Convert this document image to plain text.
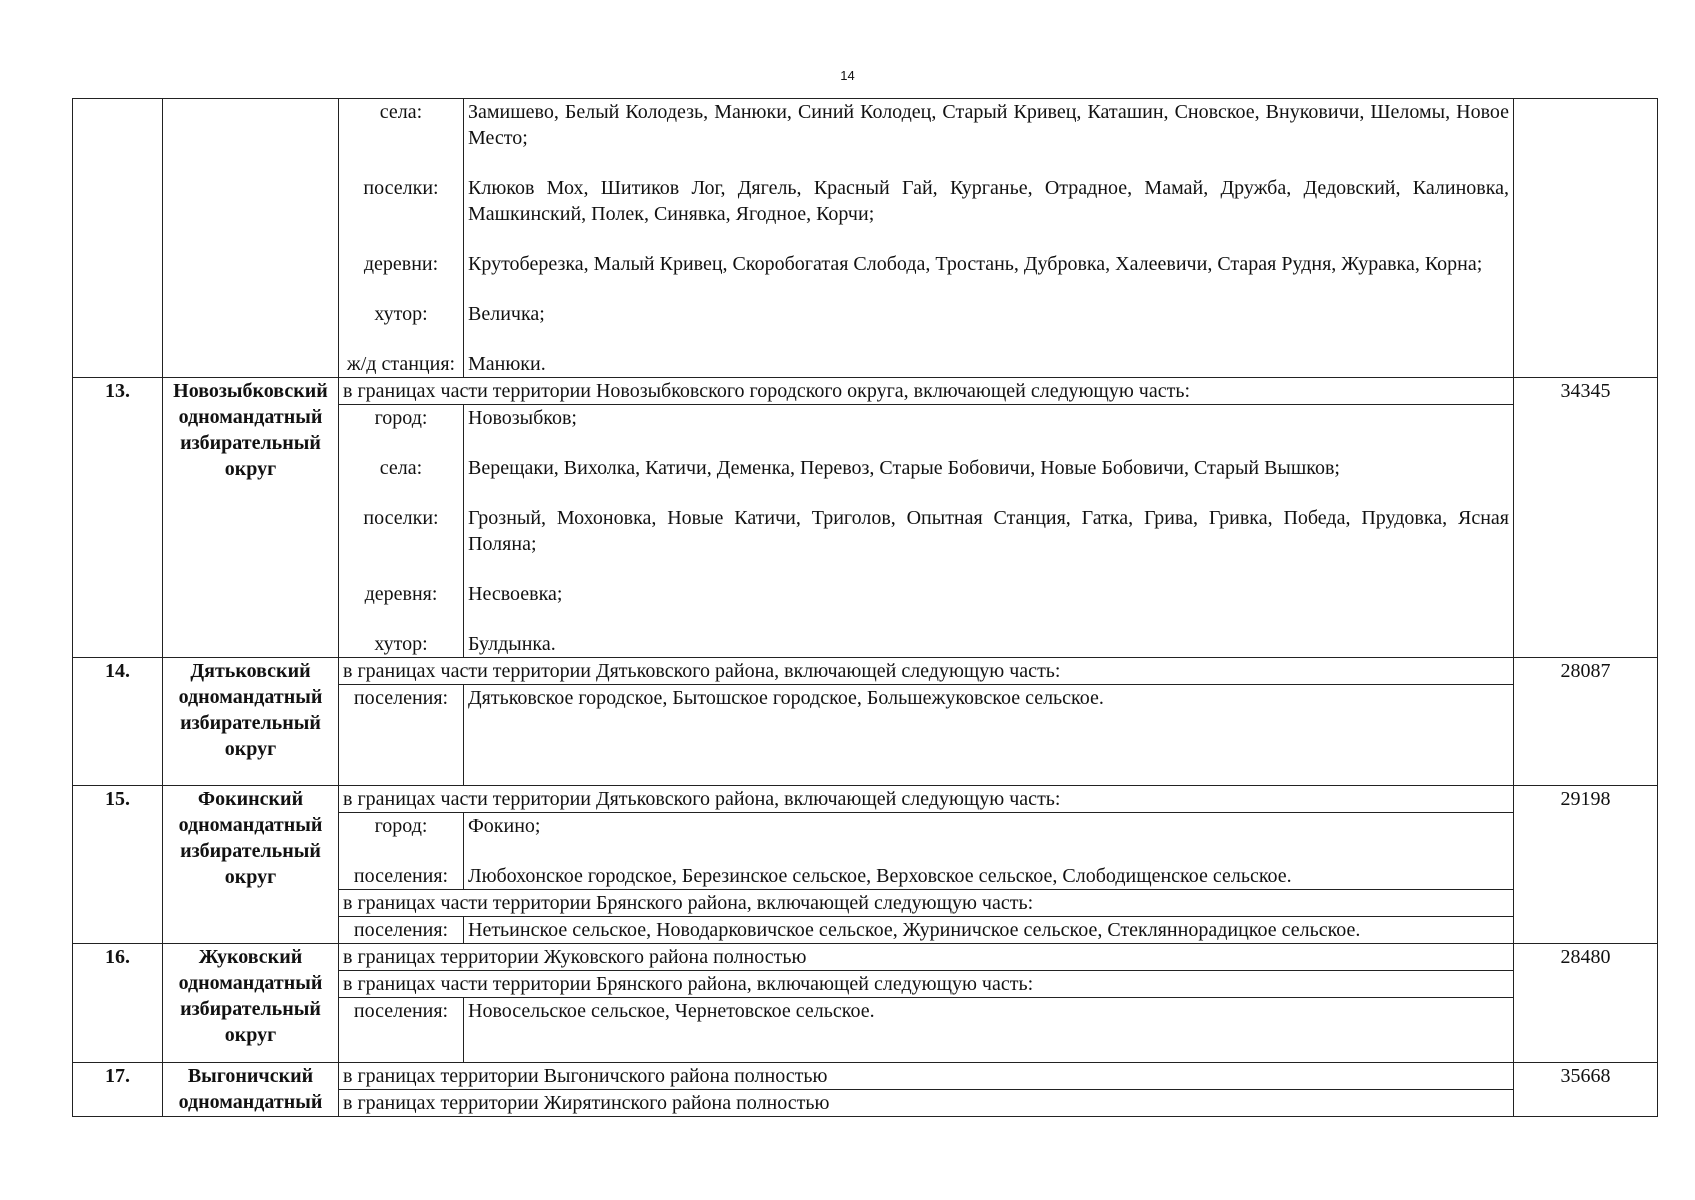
14

села:	Замишево, Белый Колодезь, Манюки, Синий Колодец, Старый Кривец, Каташин, Сновское, Внуковичи, Шеломы, Новое Место;

поселки:	Клюков Мох, Шитиков Лог, Дягель, Красный Гай, Курганье, Отрадное, Мамай, Дружба, Дедовский, Калиновка, Машкинский, Полек, Синявка, Ягодное, Корчи;

деревни:	Крутоберезка, Малый Кривец, Скоробогатая Слобода, Тростань, Дубровка, Халеевичи, Старая Рудня, Журавка, Корна;

хутор:	Величка;

ж/д станция:	Манюки.

13.	Новозыбковский одномандатный избирательный округ	
в границах части территории Новозыбковского городского округа, включающей следующую часть:
город:	Новозыбков;

села:	Верещаки, Вихолка, Катичи, Деменка, Перевоз, Старые Бобовичи, Новые Бобовичи, Старый Вышков;

поселки:	Грозный, Мохоновка, Новые Катичи, Триголов, Опытная Станция, Гатка, Грива, Гривка, Победа, Прудовка, Ясная Поляна;

деревня:	Несвоевка;

хутор:	Булдынка.
	34345
14.	Дятьковский одномандатный избирательный округ	
в границах части территории Дятьковского района, включающей следующую часть:
поселения:	Дятьковское городское, Бытошское городское, Большежуковское сельское.
	28087
15.	Фокинский одномандатный избирательный округ	
в границах части территории Дятьковского района, включающей следующую часть:
город:	Фокино;

поселения:	Любохонское городское, Березинское сельское, Верховское сельское, Слободищенское сельское.
в границах части территории Брянского района, включающей следующую часть:
поселения:	Нетьинское сельское, Новодарковичское сельское, Журиничское сельское, Стекляннорадицкое сельское.
	29198
16.	Жуковский одномандатный избирательный округ	
в границах территории Жуковского района полностью
в границах части территории Брянского района, включающей следующую часть:
поселения:	Новосельское сельское, Чернетовское сельское.
	28480
17.	Выгоничский одномандатный	
в границах территории Выгоничского района полностью
в границах территории Жирятинского района полностью
	35668
